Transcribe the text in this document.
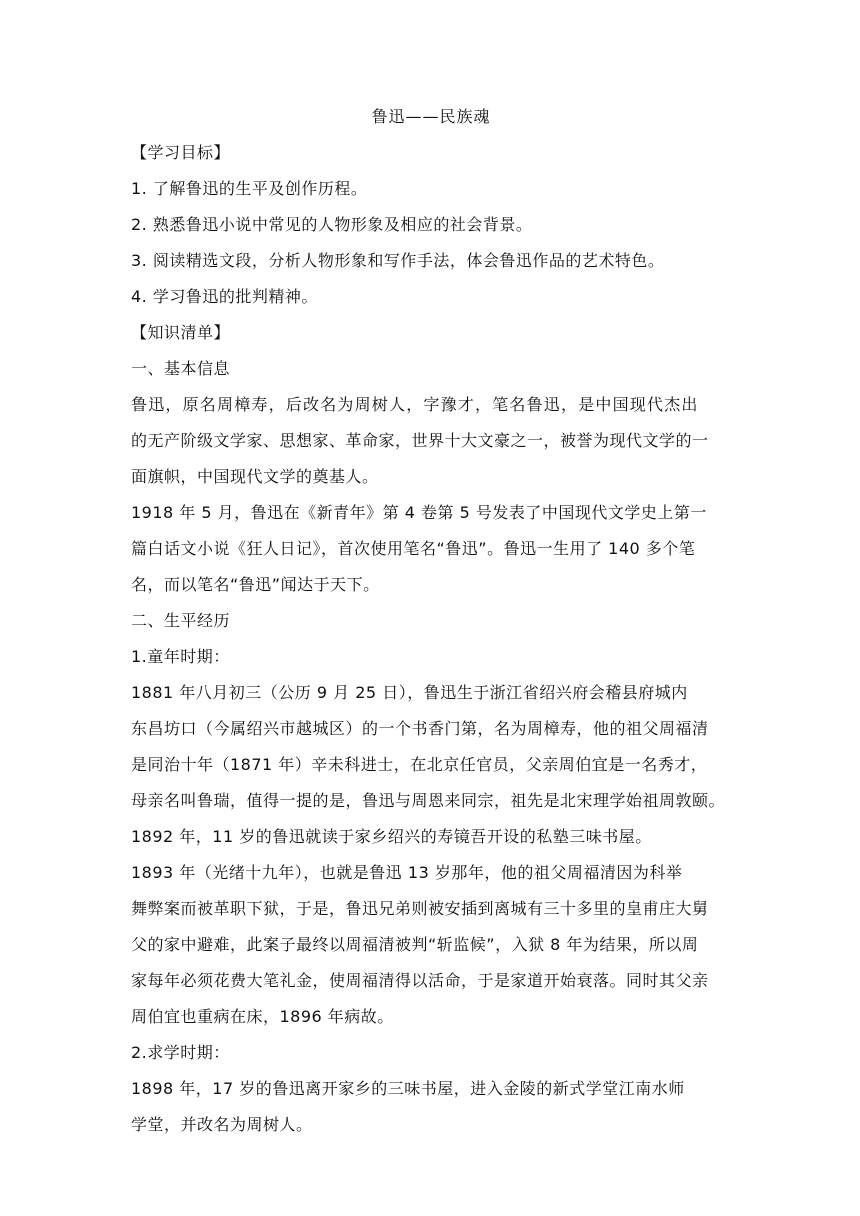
鲁迅——民族魂
【学习目标】
1. 了解鲁迅的生平及创作历程。
2. 熟悉鲁迅小说中常见的人物形象及相应的社会背景。
3. 阅读精选文段，分析人物形象和写作手法，体会鲁迅作品的艺术特色。
4. 学习鲁迅的批判精神。
【知识清单】
一、基本信息
鲁迅，原名周樟寿，后改名为周树人，字豫才，笔名鲁迅，是中国现代杰出
的无产阶级文学家、思想家、革命家，世界十大文豪之一，被誉为现代文学的一
面旗帜，中国现代文学的奠基人。
1918 年 5 月，鲁迅在《新青年》第 4 卷第 5 号发表了中国现代文学史上第一
篇白话文小说《狂人日记》，首次使用笔名“鲁迅”。鲁迅一生用了 140 多个笔
名，而以笔名“鲁迅”闻达于天下。
二、生平经历
1.童年时期：
1881 年八月初三（公历 9 月 25 日），鲁迅生于浙江省绍兴府会稽县府城内
东昌坊口（今属绍兴市越城区）的一个书香门第，名为周樟寿，他的祖父周福清
是同治十年（1871 年）辛未科进士，在北京任官员，父亲周伯宜是一名秀才，
母亲名叫鲁瑞，值得一提的是，鲁迅与周恩来同宗，祖先是北宋理学始祖周敦颐。
1892 年，11 岁的鲁迅就读于家乡绍兴的寿镜吾开设的私塾三味书屋。
1893 年（光绪十九年），也就是鲁迅 13 岁那年，他的祖父周福清因为科举
舞弊案而被革职下狱，于是，鲁迅兄弟则被安插到离城有三十多里的皇甫庄大舅
父的家中避难，此案子最终以周福清被判“斩监候”，入狱 8 年为结果，所以周
家每年必须花费大笔礼金，使周福清得以活命，于是家道开始衰落。同时其父亲
周伯宜也重病在床，1896 年病故。
2.求学时期：
1898 年，17 岁的鲁迅离开家乡的三味书屋，进入金陵的新式学堂江南水师
学堂，并改名为周树人。
